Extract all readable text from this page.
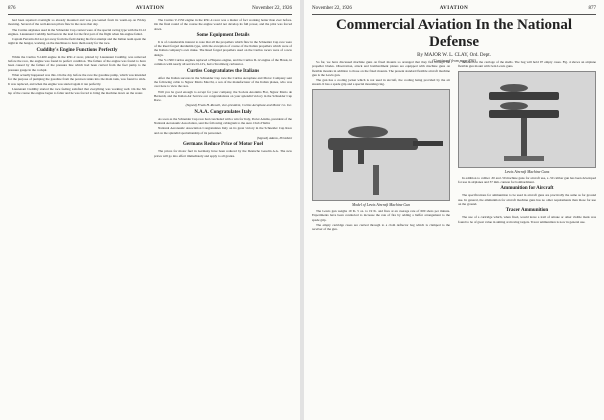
876	AVIATION	November 22, 1926

had been repaired overnight so already mounted and was pre-vented from its warm-up on Friday morning. Several of the well-known pilots flew in the races that day.

The Curtiss airplanes used in the Schneider Cup contest were of the special racing type with the D-12 engines. Lieutenant Cuddihy had been in the lead for the first part of the flight when his engine failed.

Captain Ferrarin did not get away from the field during his first attempt and the Italian team spent the night in the hangar, working on the machines to have them ready for the race.

Cuddihy's Engine Functions Perfectly

While the Curtiss V-1400 engine in the R3C-2 racer, piloted by Lieutenant Cuddihy, was removed before the race, the engine was found in perfect condition. The failure of the engine was found to have been caused by the failure of the pressure line which had been carried from the fuel pump to the pressure gauge in the cockpit.

What actually happened was this. On the day before the race the gasoline pump, which was intended for the purpose of pumping the gasoline from the pontoon tanks into the main tank, was found to stick. It was replaced, and when the engine was started again it ran perfectly.

Lieutenant Cuddihy started the race feeling satisfied that everything was working well. On the 5th lap of the course the engine began to falter and he was forced to bring the machine down on the water.

The Curtiss V-1550 engine in the R3C-4 racer was a matter of fact working better than ever before. On the final round of the course the engine would not develop its full power, and the pilot was forced down.

Some Equipment Details

It is of considerable interest to note that all the propellers which flew in the Schneider Cup race were of the Reed forged duralumin type, with the exception of course of the Italian propellers which were of the Italian company's own make. The Reed forged propellers used on the Curtiss racers were of a new design.

The V-1500 Curtiss engines replaced a Hispano engine, and the Curtiss D-12 engine of the Hawk, in common with nearly all service D-12's, had a Stromberg carburetor.

Curtiss Congratulates the Italians

After the Italian success in the Schneider Cup race the Curtiss Aeroplane and Motor Company sent the following cable to Signor Mario Macchi, a son of the manufacturer of the Italian planes, who was over here to view the race.

Will you be good enough to accept for your company, the Societa Anonima Fiat, Signor Mario de Bernardi, and the Italian Air Service our congratulations on your splendid victory in the Schneider Cup Race.

(Signed) Frank H. Russell, vice-president, Curtiss Aeroplane and Motor Co. Inc.

N.A.A. Congratulates Italy

As soon as the Schneider Cup race had concluded with a win for Italy, Porter Adams, president of the National Aeronautic Association, sent the following cablegram to the Aero Club d'Italia:

National Aeronautic Association Congratulates Italy on its great victory in the Schneider Cup Race and on the splendid sportsmanship of its personnel.

(Signed) Adams, President

Germans Reduce Price of Motor Fuel

The prices for motor fuel in Germany have been reduced by the Deutsche Gasolin A.G. The new prices will go into effect immediately and apply to all grades.

November 22, 1926	AVIATION	877
Commercial Aviation In the National Defense
By MAJOR W. L. CLAY, Ord. Dept.
(Continued from page 836)

So far, we have discussed machine guns on fixed mounts so arranged that they fire through the propeller blades. Observation, attack and bombardment planes are equipped with machine guns on flexible mounts in addition to those on the fixed mounts. The present standard flexible aircraft machine gun is the Lewis gun.

The gun has a cooling jacket which is not used in aircraft, the cooling being provided by the air stream. It has a spade grip and a special mounting ring.

Model of Lewis Aircraft Machine Gun

The Lewis gun weighs 19 lb. 5 oz. to 19 lb. and fires at an average rate of 600 shots per minute. Experiments have been conducted to increase the rate of fire by adding a buffer arrangement to the spade grip.

The empty cartridge cases are carried through to a cloth deflector bag which is clamped to the receiver of the gun.

mounted on the carriage of the shells. The bag will hold 97 empty cases. Fig. 4 shows an airplane flexible gun mount with twin Lewis guns.

Lewis Aircraft Machine Guns

In addition to caliber .30 and .50 machine guns for aircraft use, a .50 caliber gun has been developed for use in airplanes and 37 mm. cannon for bombardment.

Ammunition for Aircraft

The specifications for ammunition to be used in aircraft guns are practically the same as for ground use. In general, the ammunition for aircraft machine guns has no other requirements than those for use on the ground.

Tracer Ammunition

The use of a cartridge which, when fired, would leave a trail of smoke or other visible mark was found to be of great value in aiming at moving targets. Tracer ammunition is now in general use.
